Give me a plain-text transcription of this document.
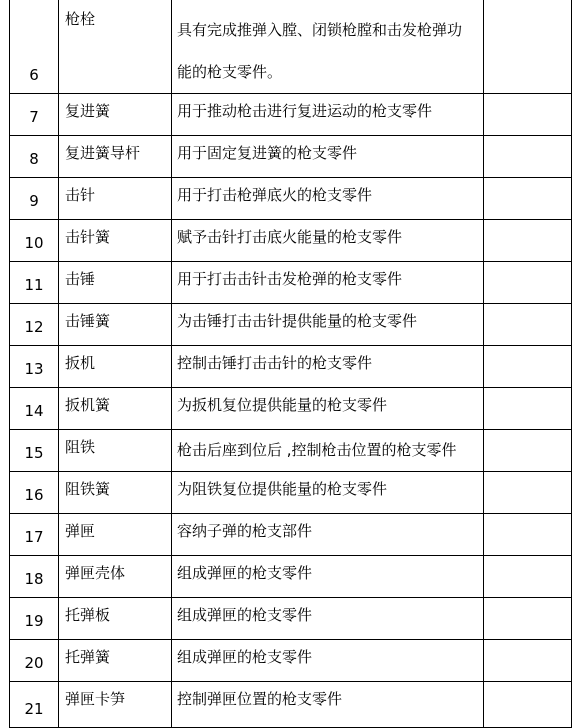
6	枪栓	具有完成推弹入膛、闭锁枪膛和击发枪弹功
能的枪支零件。	

7	复进簧	用于推动枪击进行复进运动的枪支零件	

8	复进簧导杆	用于固定复进簧的枪支零件	

9	击针	用于打击枪弹底火的枪支零件	

10	击针簧	赋予击针打击底火能量的枪支零件	

11	击锤	用于打击击针击发枪弹的枪支零件	

12	击锤簧	为击锤打击击针提供能量的枪支零件	

13	扳机	控制击锤打击击针的枪支零件	

14	扳机簧	为扳机复位提供能量的枪支零件	

15	阻铁	枪击后座到位后 ,控制枪击位置的枪支零件	

16	阻铁簧	为阻铁复位提供能量的枪支零件	

17	弹匣	容纳子弹的枪支部件	

18	弹匣壳体	组成弹匣的枪支零件	

19	托弹板	组成弹匣的枪支零件	

20	托弹簧	组成弹匣的枪支零件	

21	弹匣卡笋	控制弹匣位置的枪支零件	
